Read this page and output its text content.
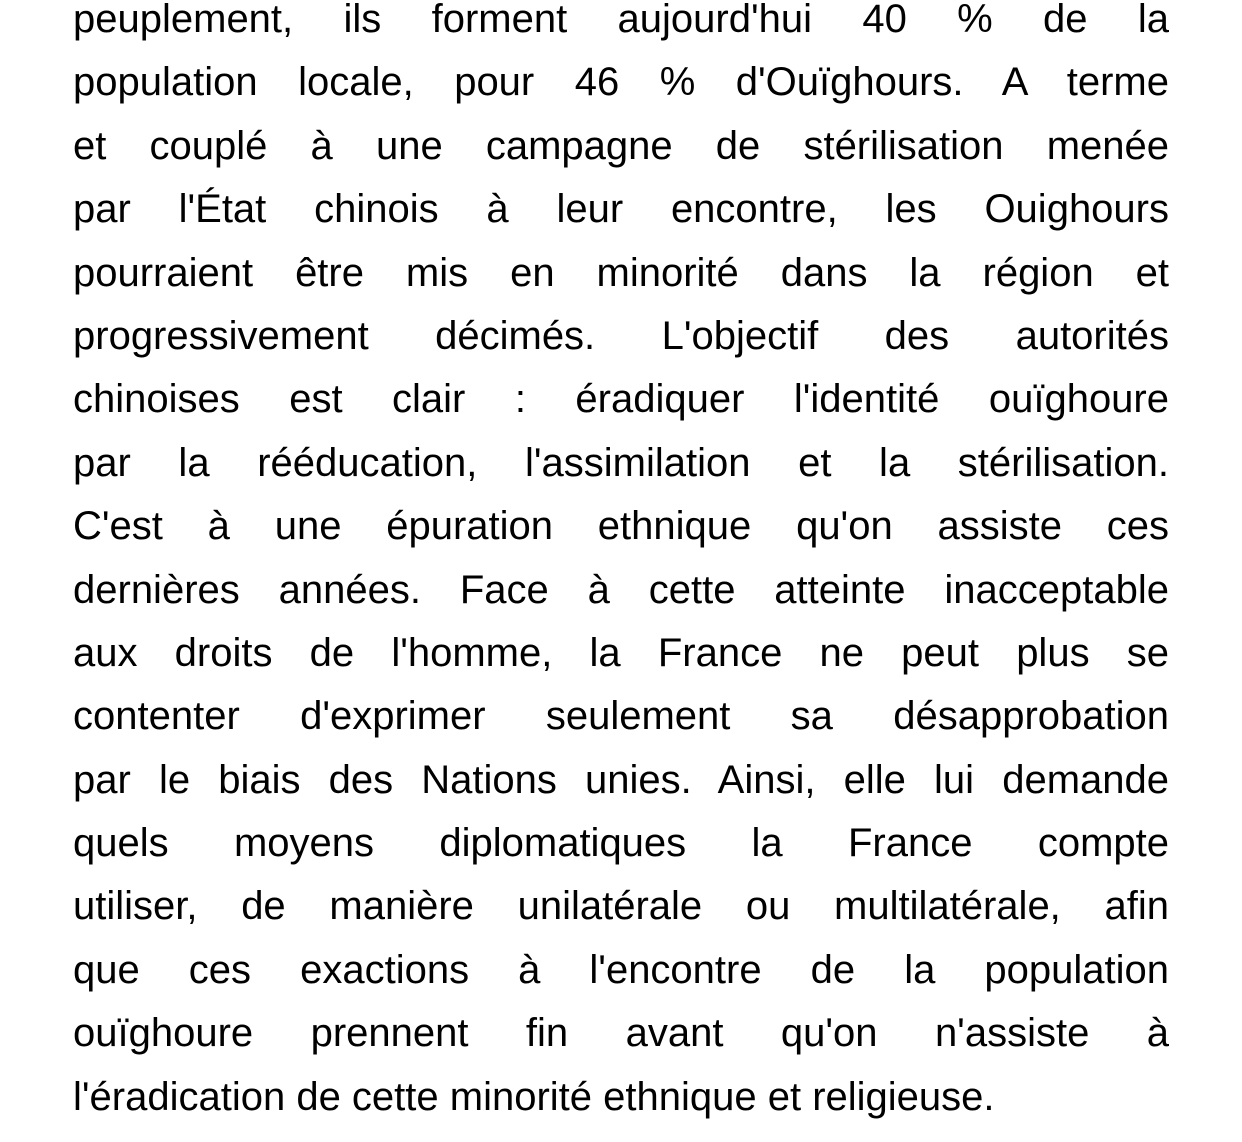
peuplement, ils forment aujourd'hui 40 % de la
population locale, pour 46 % d'Ouïghours. A terme
et couplé à une campagne de stérilisation menée
par l'État chinois à leur encontre, les Ouighours
pourraient être mis en minorité dans la région et
progressivement décimés. L'objectif des autorités
chinoises est clair : éradiquer l'identité ouïghoure
par la rééducation, l'assimilation et la stérilisation.
C'est à une épuration ethnique qu'on assiste ces
dernières années. Face à cette atteinte inacceptable
aux droits de l'homme, la France ne peut plus se
contenter d'exprimer seulement sa désapprobation
par le biais des Nations unies. Ainsi, elle lui demande
quels moyens diplomatiques la France compte
utiliser, de manière unilatérale ou multilatérale, afin
que ces exactions à l'encontre de la population
ouïghoure prennent fin avant qu'on n'assiste à
l'éradication de cette minorité ethnique et religieuse.
